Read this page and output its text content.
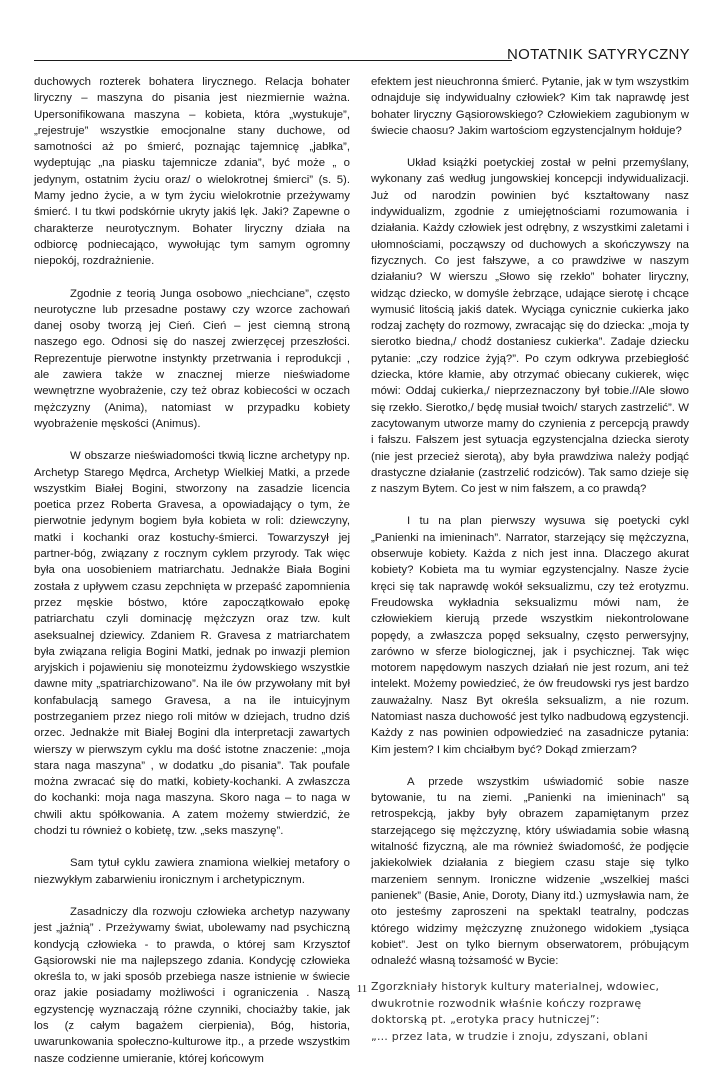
NOTATNIK SATYRYCZNY

duchowych rozterek bohatera lirycznego. Relacja bohater liryczny – maszyna do pisania jest niezmiernie ważna. Upersonifikowana maszyna – kobieta, która „wystukuje”, „rejestruje” wszystkie emocjonalne stany duchowe, od samotności aż po śmierć, poznając tajemnicę „jabłka”, wydeptując „na piasku tajemnicze zdania”, być może „ o jedynym, ostatnim życiu oraz/ o wielokrotnej śmierci” (s. 5). Mamy jedno życie, a w tym życiu wielokrotnie przeżywamy śmierć. I tu tkwi podskórnie ukryty jakiś lęk. Jaki? Zapewne o charakterze neurotycznym. Bohater liryczny działa na odbiorcę podniecająco, wywołując tym samym ogromny niepokój, rozdrażnienie.

Zgodnie z teorią Junga osobowo „niechciane”, często neurotyczne lub przesadne postawy czy wzorce zachowań danej osoby tworzą jej Cień. Cień – jest ciemną stroną naszego ego. Odnosi się do naszej zwierzęcej przeszłości. Reprezentuje pierwotne instynkty przetrwania i reprodukcji , ale zawiera także w znacznej mierze nieświadome wewnętrzne wyobrażenie, czy też obraz kobiecości w oczach mężczyzny (Anima), natomiast w przypadku kobiety wyobrażenie męskości (Animus).

W obszarze nieświadomości tkwią liczne archetypy np. Archetyp Starego Mędrca, Archetyp Wielkiej Matki, a przede wszystkim Białej Bogini, stworzony na zasadzie licencia poetica przez Roberta Gravesa, a opowiadający o tym, że pierwotnie jedynym bogiem była kobieta w roli: dziewczyny, matki i kochanki oraz kostuchy-śmierci. Towarzyszył jej partner-bóg, związany z rocznym cyklem przyrody. Tak więc była ona uosobieniem matriarchatu. Jednakże Biała Bogini została z upływem czasu zepchnięta w przepaść zapomnienia przez męskie bóstwo, które zapoczątkowało epokę patriarchatu czyli dominację mężczyzn oraz tzw. kult aseksualnej dziewicy. Zdaniem R. Gravesa z matriarchatem była związana religia Bogini Matki, jednak po inwazji plemion aryjskich i pojawieniu się monoteizmu żydowskiego wszystkie dawne mity „spatriarchizowano”. Na ile ów przywołany mit był konfabulacją samego Gravesa, a na ile intuicyjnym postrzeganiem przez niego roli mitów w dziejach, trudno dziś orzec. Jednakże mit Białej Bogini dla interpretacji zawartych wierszy w pierwszym cyklu ma dość istotne znaczenie: „moja stara naga maszyna” , w dodatku „do pisania”. Tak poufale można zwracać się do matki, kobiety-kochanki. A zwłaszcza do kochanki: moja naga maszyna. Skoro naga – to naga w chwili aktu spółkowania. A zatem możemy stwierdzić, że chodzi tu również o kobietę, tzw. „seks maszynę”.

Sam tytuł cyklu zawiera znamiona wielkiej metafory o niezwykłym zabarwieniu ironicznym i archetypicznym.

Zasadniczy dla rozwoju człowieka archetyp nazywany jest „jaźnią” . Przeżywamy świat, ubolewamy nad psychiczną kondycją człowieka - to prawda, o której sam Krzysztof Gąsiorowski nie ma najlepszego zdania. Kondycję człowieka określa to, w jaki sposób przebiega nasze istnienie w świecie oraz jakie posiadamy możliwości i ograniczenia . Naszą egzystencję wyznaczają różne czynniki, chociażby takie, jak los (z całym bagażem cierpienia), Bóg, historia, uwarunkowania społeczno-kulturowe itp., a przede wszystkim nasze codzienne umieranie, której końcowym

efektem jest nieuchronna śmierć. Pytanie, jak w tym wszystkim odnajduje się indywidualny człowiek? Kim tak naprawdę jest bohater liryczny Gąsiorowskiego? Człowiekiem zagubionym w świecie chaosu? Jakim wartościom egzystencjalnym hołduje?

Układ książki poetyckiej został w pełni przemyślany, wykonany zaś według jungowskiej koncepcji indywidualizacji. Już od narodzin powinien być kształtowany nasz indywidualizm, zgodnie z umiejętnościami rozumowania i działania. Każdy człowiek jest odrębny, z wszystkimi zaletami i ułomnościami, począwszy od duchowych a skończywszy na fizycznych. Co jest fałszywe, a co prawdziwe w naszym działaniu? W wierszu „Słowo się rzekło” bohater liryczny, widząc dziecko, w domyśle żebrzące, udające sierotę i chcące wymusić litością jakiś datek. Wyciąga cynicznie cukierka jako rodzaj zachęty do rozmowy, zwracając się do dziecka: „moja ty sierotko biedna,/ chodź dostaniesz cukierka”. Zadaje dziecku pytanie: „czy rodzice żyją?”. Po czym odkrywa przebiegłość dziecka, które kłamie, aby otrzymać obiecany cukierek, więc mówi: Oddaj cukierka,/ nieprzeznaczony był tobie.//Ale słowo się rzekło. Sierotko,/ będę musiał twoich/ starych zastrzelić”. W zacytowanym utworze mamy do czynienia z percepcją prawdy i fałszu. Fałszem jest sytuacja egzystencjalna dziecka sieroty (nie jest przecież sierotą), aby była prawdziwa należy podjąć drastyczne działanie (zastrzelić rodziców). Tak samo dzieje się z naszym Bytem. Co jest w nim fałszem, a co prawdą?

I tu na plan pierwszy wysuwa się poetycki cykl „Panienki na imieninach”. Narrator, starzejący się mężczyzna, obserwuje kobiety. Każda z nich jest inna. Dlaczego akurat kobiety? Kobieta ma tu wymiar egzystencjalny. Nasze życie kręci się tak naprawdę wokół seksualizmu, czy też erotyzmu. Freudowska wykładnia seksualizmu mówi nam, że człowiekiem kierują przede wszystkim niekontrolowane popędy, a zwłaszcza popęd seksualny, często perwersyjny, zarówno w sferze biologicznej, jak i psychicznej. Tak więc motorem napędowym naszych działań nie jest rozum, ani też intelekt. Możemy powiedzieć, że ów freudowski rys jest bardzo zauważalny. Nasz Byt określa seksualizm, a nie rozum. Natomiast nasza duchowość jest tylko nadbudową egzystencji. Każdy z nas powinien odpowiedzieć na zasadnicze pytania: Kim jestem? I kim chciałbym być? Dokąd zmierzam?

A przede wszystkim uświadomić sobie nasze bytowanie, tu na ziemi. „Panienki na imieninach” są retrospekcją, jakby były obrazem zapamiętanym przez starzejącego się mężczyznę, który uświadamia sobie własną witalność fizyczną, ale ma również świadomość, że podjęcie jakiekolwiek działania z biegiem czasu staje się tylko marzeniem sennym. Ironiczne widzenie „wszelkiej maści panienek” (Basie, Anie, Doroty, Diany itd.) uzmysławia nam, że oto jesteśmy zaproszeni na spektakl teatralny, podczas którego widzimy mężczyznę znużonego widokiem „tysiąca kobiet”. Jest on tylko biernym obserwatorem, próbującym odnaleźć własną tożsamość w Bycie:

Zgorzkniały historyk kultury materialnej, wdowiec,
dwukrotnie rozwodnik właśnie kończy rozprawę
doktorską pt. „erotyka pracy hutniczej”:
„… przez lata, w trudzie i znoju, zdyszani, oblani
11
